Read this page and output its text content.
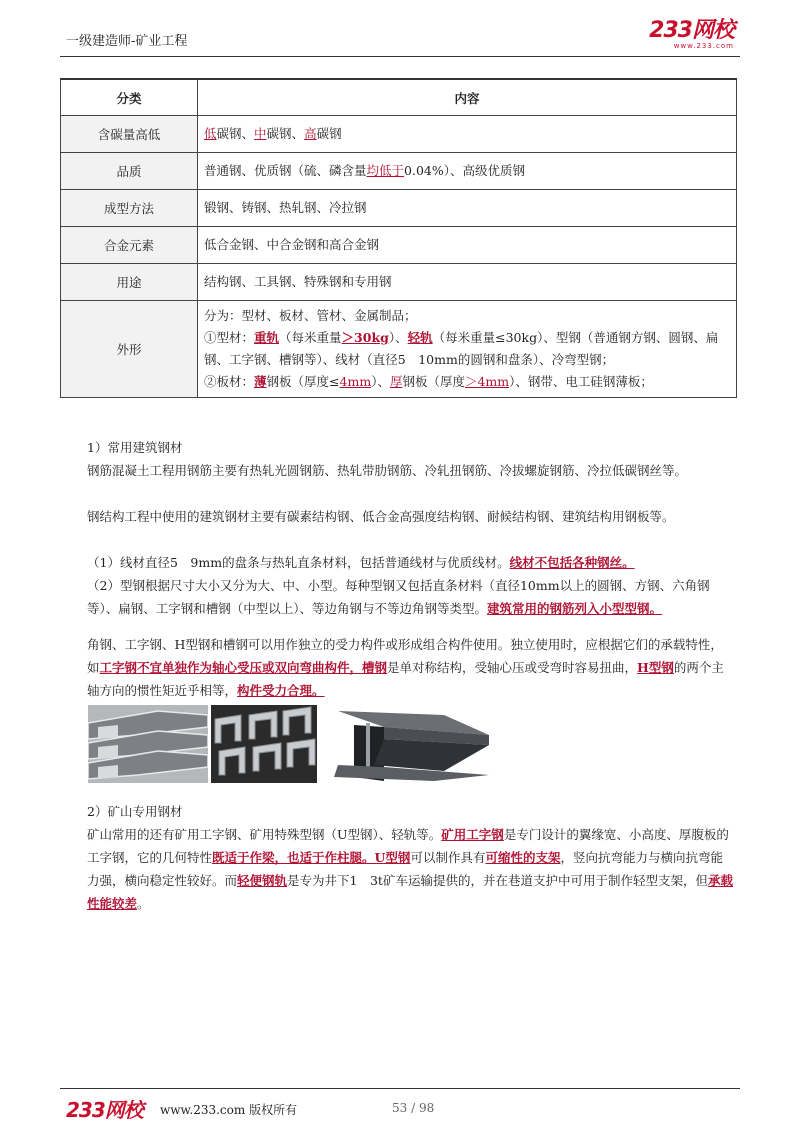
一级建造师-矿业工程	233网校
www.233.com
分类	内容
含碳量高低	低碳钢、中碳钢、高碳钢
品质	普通钢、优质钢（硫、磷含量均低于0.04%）、高级优质钢
成型方法	锻钢、铸钢、热轧钢、冷拉钢
合金元素	低合金钢、中合金钢和高合金钢
用途	结构钢、工具钢、特殊钢和专用钢
外形	分为：型材、板材、管材、金属制品；
①型材：重轨（每米重量＞30kg）、轻轨（每米重量≤30kg）、型钢（普通钢方钢、圆钢、扁钢、工字钢、槽钢等）、线材（直径5　10mm的圆钢和盘条）、冷弯型钢；
②板材：薄钢板（厚度≤4mm）、厚钢板（厚度＞4mm）、钢带、电工硅钢薄板；
1）常用建筑钢材
钢筋混凝土工程用钢筋主要有热轧光圆钢筋、热轧带肋钢筋、冷轧扭钢筋、冷拔螺旋钢筋、冷拉低碳钢丝等。
钢结构工程中使用的建筑钢材主要有碳素结构钢、低合金高强度结构钢、耐候结构钢、建筑结构用钢板等。
（1）线材直径5　9mm的盘条与热轧直条材料，包括普通线材与优质线材。线材不包括各种钢丝。
（2）型钢根据尺寸大小又分为大、中、小型。每种型钢又包括直条材料（直径10mm以上的圆钢、方钢、六角钢等）、扁钢、工字钢和槽钢（中型以上）、等边角钢与不等边角钢等类型。建筑常用的钢筋列入小型型钢。
角钢、工字钢、H型钢和槽钢可以用作独立的受力构件或形成组合构件使用。独立使用时，应根据它们的承载特性，如工字钢不宜单独作为轴心受压或双向弯曲构件，槽钢是单对称结构，受轴心压或受弯时容易扭曲，H型钢的两个主轴方向的惯性矩近乎相等，构件受力合理。
2）矿山专用钢材
矿山常用的还有矿用工字钢、矿用特殊型钢（U型钢）、轻轨等。矿用工字钢是专门设计的翼缘宽、小高度、厚腹板的工字钢，它的几何特性既适于作梁，也适于作柱腿。U型钢可以制作具有可缩性的支架，竖向抗弯能力与横向抗弯能力强，横向稳定性较好。而轻便钢轨是专为井下1　3t矿车运输提供的，并在巷道支护中可用于制作轻型支架，但承载性能较差。
233网校 www.233.com 版权所有	53 / 98
